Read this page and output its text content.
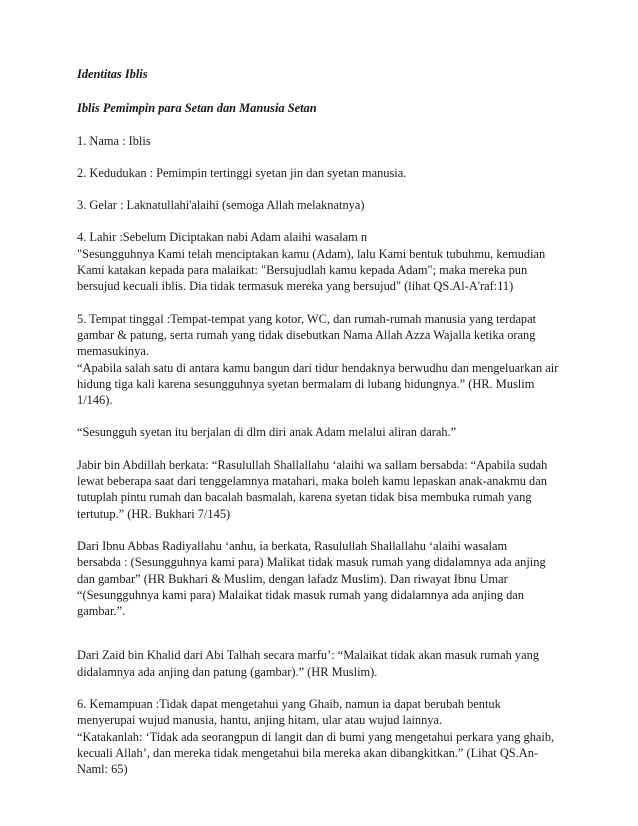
Identitas Iblis

Iblis Pemimpin para Setan dan Manusia Setan

1. Nama : Iblis

2. Kedudukan : Pemimpin tertinggi syetan jin dan syetan manusia.

3. Gelar : Laknatullahi'alaihi (semoga Allah melaknatnya)

4. Lahir :Sebelum Diciptakan nabi Adam alaihi wasalam n
"Sesungguhnya Kami telah menciptakan kamu (Adam), lalu Kami bentuk tubuhmu, kemudian
Kami katakan kepada para malaikat: "Bersujudlah kamu kepada Adam"; maka mereka pun
bersujud kecuali iblis. Dia tidak termasuk mereka yang bersujud" (lihat QS.Al-A'raf:11)

5. Tempat tinggal :Tempat-tempat yang kotor, WC, dan rumah-rumah manusia yang terdapat
gambar & patung, serta rumah yang tidak disebutkan Nama Allah Azza Wajalla ketika orang
memasukinya.
“Apabila salah satu di antara kamu bangun dari tidur hendaknya berwudhu dan mengeluarkan air
hidung tiga kali karena sesungguhnya syetan bermalam di lubang hidungnya.” (HR. Muslim
1/146).

“Sesungguh syetan itu berjalan di dlm diri anak Adam melalui aliran darah.”

Jabir bin Abdillah berkata: “Rasulullah Shallallahu ‘alaihi wa sallam bersabda: “Apabila sudah
lewat beberapa saat dari tenggelamnya matahari, maka boleh kamu lepaskan anak-anakmu dan
tutuplah pintu rumah dan bacalah basmalah, karena syetan tidak bisa membuka rumah yang
tertutup.” (HR. Bukhari 7/145)

Dari Ibnu Abbas Radiyallahu ‘anhu, ia berkata, Rasulullah Shallallahu ‘alaihi wasalam
bersabda : (Sesungguhnya kami para) Malikat tidak masuk rumah yang didalamnya ada anjing
dan gambar” (HR Bukhari & Muslim, dengan lafadz Muslim). Dan riwayat Ibnu Umar
“(Sesungguhnya kami para) Malaikat tidak masuk rumah yang didalamnya ada anjing dan
gambar.”.

Dari Zaid bin Khalid dari Abi Talhah secara marfu’: “Malaikat tidak akan masuk rumah yang
didalamnya ada anjing dan patung (gambar).” (HR Muslim).

6. Kemampuan :Tidak dapat mengetahui yang Ghaib, namun ia dapat berubah bentuk
menyerupai wujud manusia, hantu, anjing hitam, ular atau wujud lainnya.
“Katakanlah: ‘Tidak ada seorangpun di langit dan di bumi yang mengetahui perkara yang ghaib,
kecuali Allah’, dan mereka tidak mengetahui bila mereka akan dibangkitkan.” (Lihat QS.An-
Naml: 65)
